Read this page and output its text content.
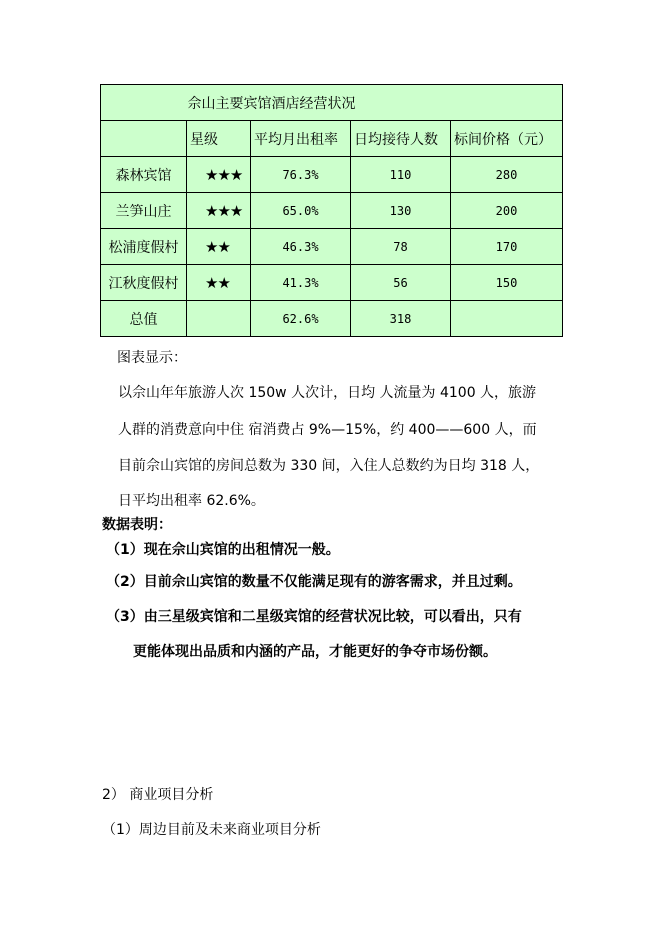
佘山主要宾馆酒店经营状况				
	星级	平均月出租率	日均接待人数	标间价格（元）
森林宾馆	★★★	76.3%	110	280
兰笋山庄	★★★	65.0%	130	200
松浦度假村	★★	46.3%	78	170
江秋度假村	★★	41.3%	56	150
总值		62.6%	318	
图表显示：
以佘山年年旅游人次 150w 人次计，日均 人流量为 4100 人，旅游
人群的消费意向中住 宿消费占 9%—15%，约 400——600 人，而
目前佘山宾馆的房间总数为 330 间，入住人总数约为日均 318 人，
日平均出租率 62.6%。
数据表明：
（1）现在佘山宾馆的出租情况一般。
（2）目前佘山宾馆的数量不仅能满足现有的游客需求，并且过剩。
（3）由三星级宾馆和二星级宾馆的经营状况比较，可以看出，只有
更能体现出品质和内涵的产品，才能更好的争夺市场份额。
2） 商业项目分析
（1）周边目前及未来商业项目分析
